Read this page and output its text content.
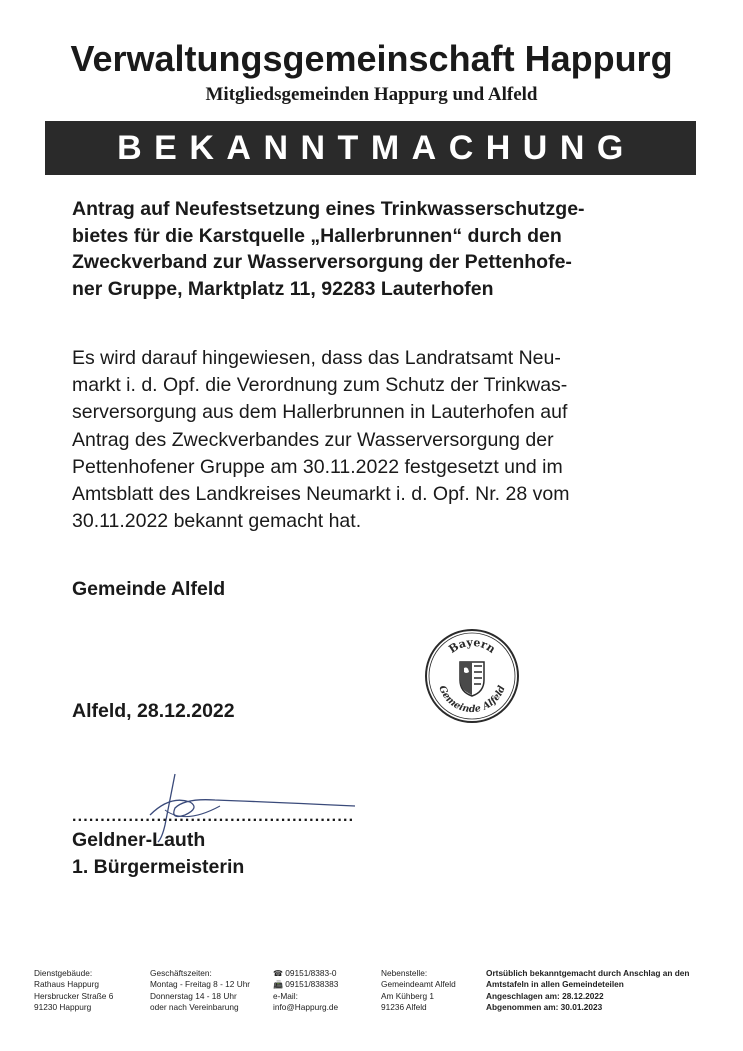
Verwaltungsgemeinschaft Happurg
Mitgliedsgemeinden Happurg und Alfeld
BEKANNTMACHUNG
Antrag auf Neufestsetzung eines Trinkwasserschutzge-
bietes für die Karstquelle „Hallerbrunnen“ durch den
Zweckverband zur Wasserversorgung der Pettenhofe-
ner Gruppe, Marktplatz 11, 92283 Lauterhofen
Es wird darauf hingewiesen, dass das Landratsamt Neu-
markt i. d. Opf. die Verordnung zum Schutz der Trinkwas-
serversorgung aus dem Hallerbrunnen in Lauterhofen auf
Antrag des Zweckverbandes zur Wasserversorgung der
Pettenhofener Gruppe am 30.11.2022 festgesetzt und im
Amtsblatt des Landkreises Neumarkt i. d. Opf. Nr. 28 vom
30.11.2022 bekannt gemacht hat.
Gemeinde Alfeld
Bayern
Gemeinde Alfeld
Alfeld, 28.12.2022
..................................................
Geldner-Lauth
1. Bürgermeisterin
Dienstgebäude:
Rathaus Happurg
Hersbrucker Straße 6
91230 Happurg
Geschäftszeiten:
Montag - Freitag 8 - 12 Uhr
Donnerstag 14 - 18 Uhr
oder nach Vereinbarung
☎ 09151/8383-0
📠 09151/838383
e-Mail:
info@Happurg.de
Nebenstelle:
Gemeindeamt Alfeld
Am Kühberg 1
91236 Alfeld
Ortsüblich bekanntgemacht durch Anschlag an den
Amtstafeln in allen Gemeindeteilen
Angeschlagen am: 28.12.2022
Abgenommen am: 30.01.2023
